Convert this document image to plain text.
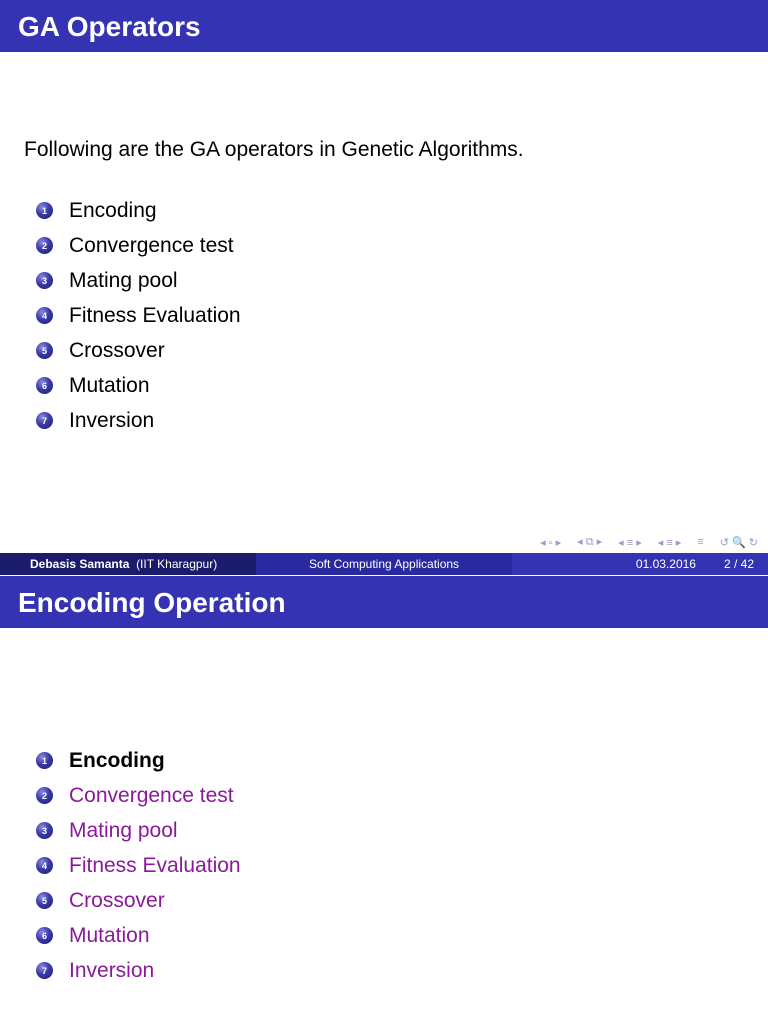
GA Operators

Following are the GA operators in Genetic Algorithms.

1 Encoding
2 Convergence test
3 Mating pool
4 Fitness Evaluation
5 Crossover
6 Mutation
7 Inversion
◂ ▫ ▸ ◂ ⧉ ▸ ◂ ≡ ▸ ◂ ≡ ▸ ≡ ↺ 🔍 ↻
Debasis Samanta (IIT Kharagpur)	Soft Computing Applications	01.03.2016 2 / 42
Encoding Operation
1 Encoding
2 Convergence test
3 Mating pool
4 Fitness Evaluation
5 Crossover
6 Mutation
7 Inversion
